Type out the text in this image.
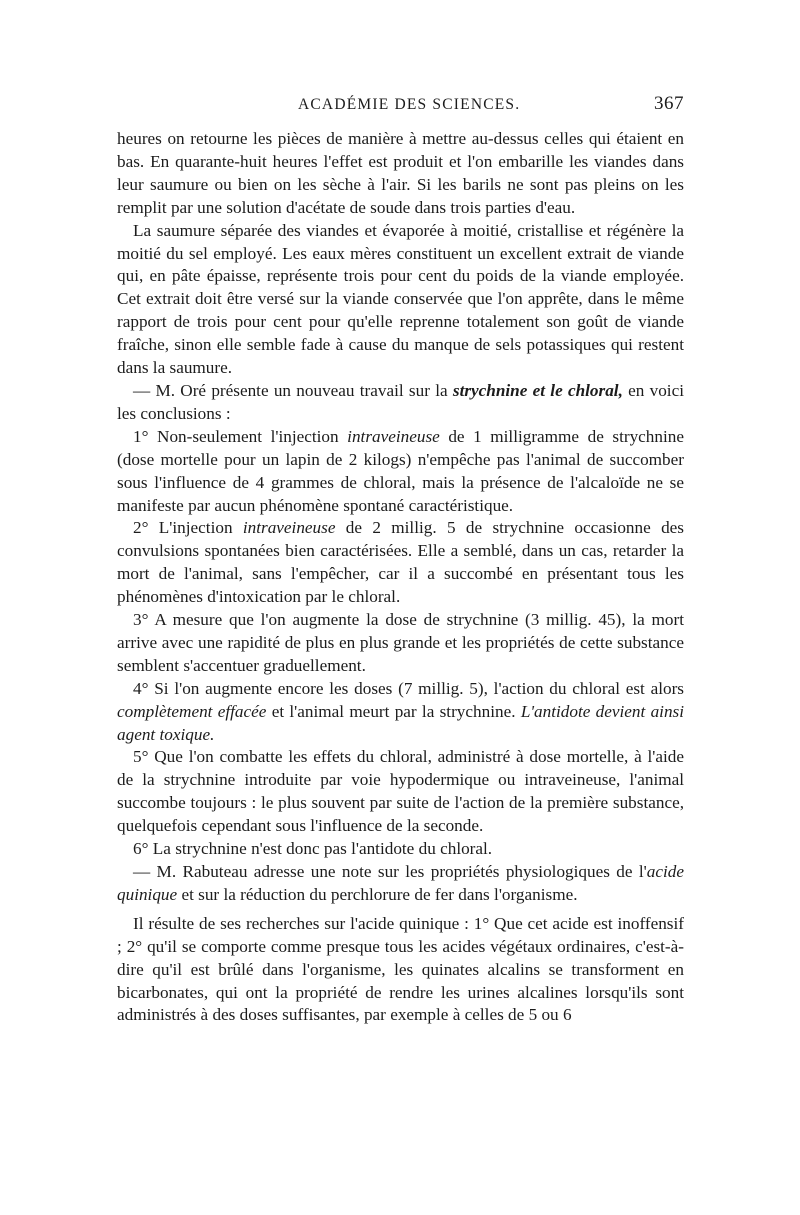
ACADÉMIE DES SCIENCES.	367

heures on retourne les pièces de manière à mettre au-dessus celles qui étaient en bas. En quarante-huit heures l'effet est produit et l'on embarille les viandes dans leur saumure ou bien on les sèche à l'air. Si les barils ne sont pas pleins on les remplit par une solution d'acétate de soude dans trois parties d'eau.

La saumure séparée des viandes et évaporée à moitié, cristallise et régénère la moitié du sel employé. Les eaux mères constituent un excellent extrait de viande qui, en pâte épaisse, représente trois pour cent du poids de la viande employée. Cet extrait doit être versé sur la viande conservée que l'on apprête, dans le même rapport de trois pour cent pour qu'elle reprenne totalement son goût de viande fraîche, sinon elle semble fade à cause du manque de sels potassiques qui restent dans la saumure.

— M. Oré présente un nouveau travail sur la strychnine et le chloral, en voici les conclusions :

1° Non-seulement l'injection intraveineuse de 1 milligramme de strychnine (dose mortelle pour un lapin de 2 kilogs) n'empêche pas l'animal de succomber sous l'influence de 4 grammes de chloral, mais la présence de l'alcaloïde ne se manifeste par aucun phénomène spontané caractéristique.

2° L'injection intraveineuse de 2 millig. 5 de strychnine occasionne des convulsions spontanées bien caractérisées. Elle a semblé, dans un cas, retarder la mort de l'animal, sans l'empêcher, car il a succombé en présentant tous les phénomènes d'intoxication par le chloral.

3° A mesure que l'on augmente la dose de strychnine (3 millig. 45), la mort arrive avec une rapidité de plus en plus grande et les propriétés de cette substance semblent s'accentuer graduellement.

4° Si l'on augmente encore les doses (7 millig. 5), l'action du chloral est alors complètement effacée et l'animal meurt par la strychnine. L'antidote devient ainsi agent toxique.

5° Que l'on combatte les effets du chloral, administré à dose mortelle, à l'aide de la strychnine introduite par voie hypodermique ou intraveineuse, l'animal succombe toujours : le plus souvent par suite de l'action de la première substance, quelquefois cependant sous l'influence de la seconde.

6° La strychnine n'est donc pas l'antidote du chloral.

— M. Rabuteau adresse une note sur les propriétés physiologiques de l'acide quinique et sur la réduction du perchlorure de fer dans l'organisme.

Il résulte de ses recherches sur l'acide quinique : 1° Que cet acide est inoffensif ; 2° qu'il se comporte comme presque tous les acides végétaux ordinaires, c'est-à-dire qu'il est brûlé dans l'organisme, les quinates alcalins se transforment en bicarbonates, qui ont la propriété de rendre les urines alcalines lorsqu'ils sont administrés à des doses suffisantes, par exemple à celles de 5 ou 6
